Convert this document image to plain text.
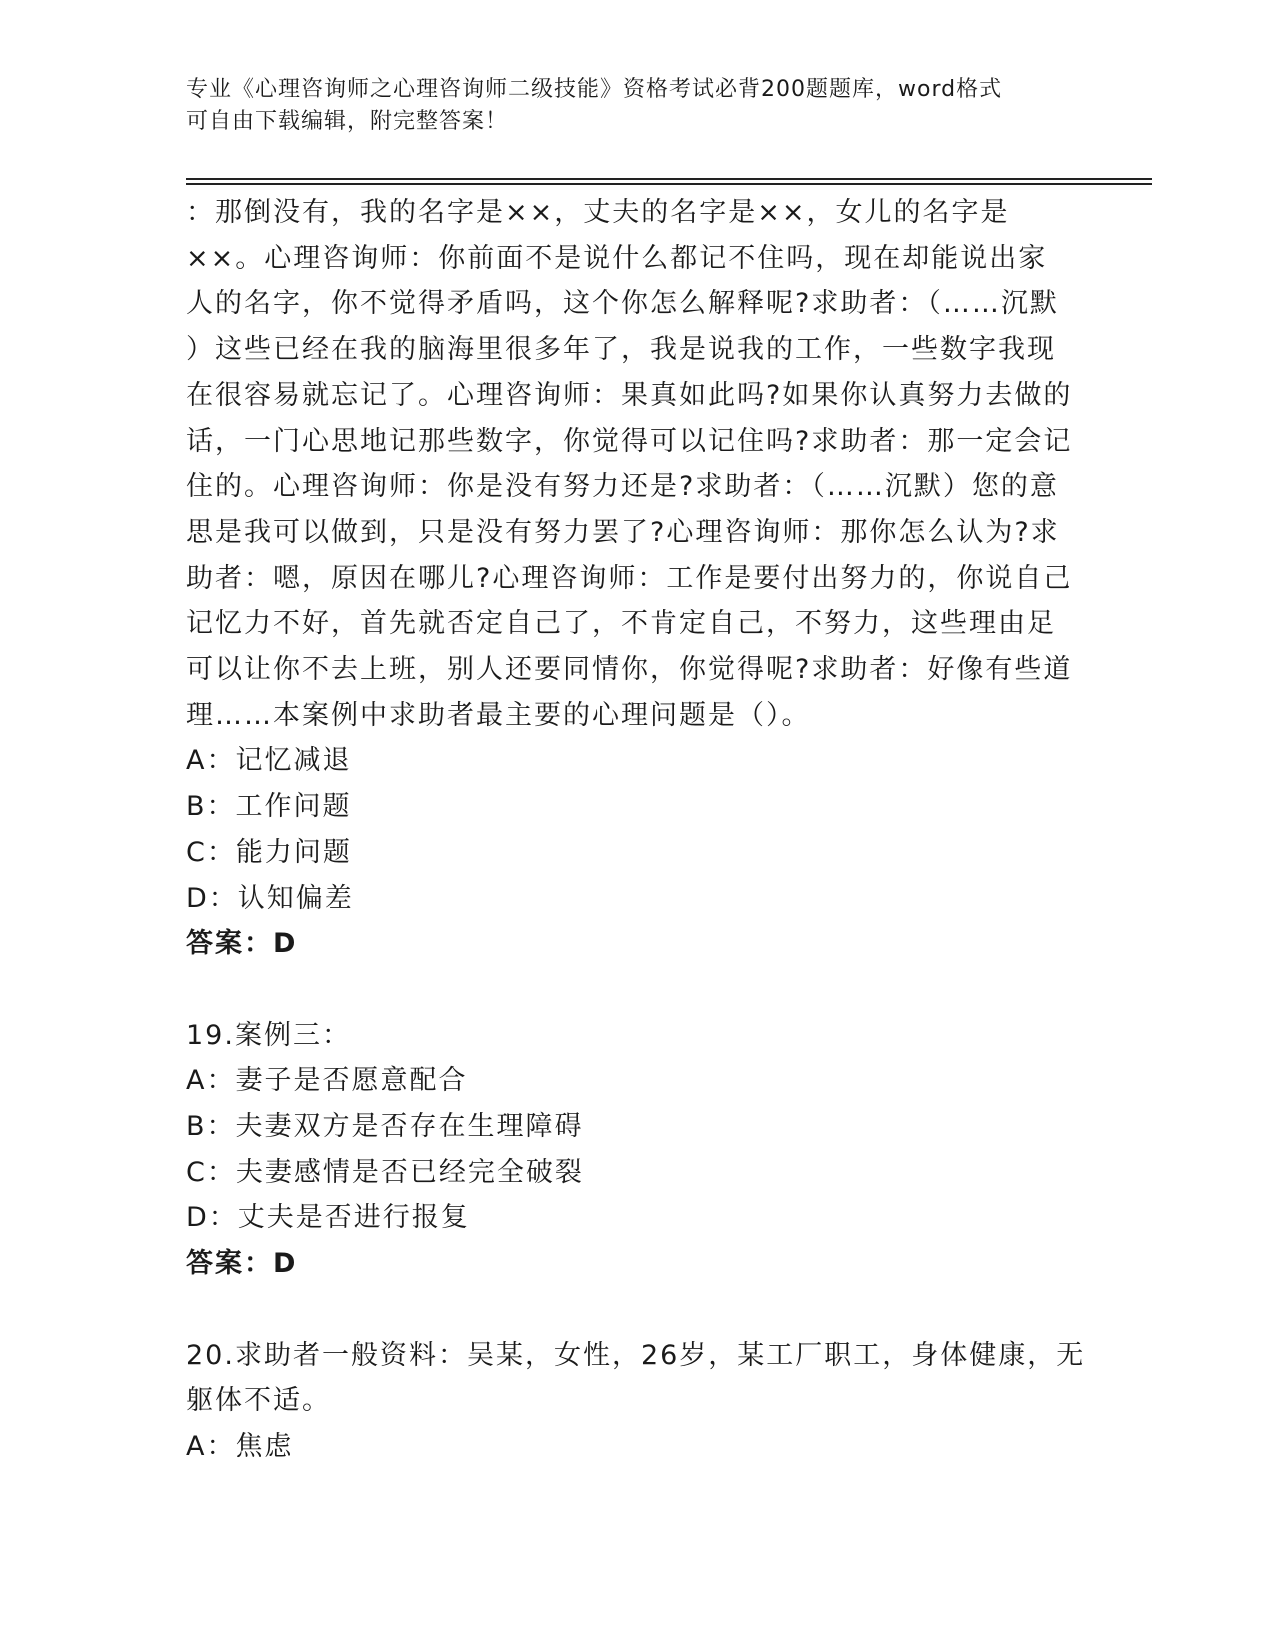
专业《心理咨询师之心理咨询师二级技能》资格考试必背200题题库，word格式
可自由下载编辑，附完整答案！
：那倒没有，我的名字是××，丈夫的名字是××，女儿的名字是
××。心理咨询师：你前面不是说什么都记不住吗，现在却能说出家
人的名字，你不觉得矛盾吗，这个你怎么解释呢?求助者：（……沉默
）这些已经在我的脑海里很多年了，我是说我的工作，一些数字我现
在很容易就忘记了。心理咨询师：果真如此吗?如果你认真努力去做的
话，一门心思地记那些数字，你觉得可以记住吗?求助者：那一定会记
住的。心理咨询师：你是没有努力还是?求助者：（……沉默）您的意
思是我可以做到，只是没有努力罢了?心理咨询师：那你怎么认为?求
助者：嗯，原因在哪儿?心理咨询师：工作是要付出努力的，你说自己
记忆力不好，首先就否定自己了，不肯定自己，不努力，这些理由足
可以让你不去上班，别人还要同情你，你觉得呢?求助者：好像有些道
理……本案例中求助者最主要的心理问题是（）。
A：记忆减退
B：工作问题
C：能力问题
D：认知偏差
答案：D
19.案例三：
A：妻子是否愿意配合
B：夫妻双方是否存在生理障碍
C：夫妻感情是否已经完全破裂
D：丈夫是否进行报复
答案：D
20.求助者一般资料：吴某，女性，26岁，某工厂职工，身体健康，无
躯体不适。
A：焦虑
